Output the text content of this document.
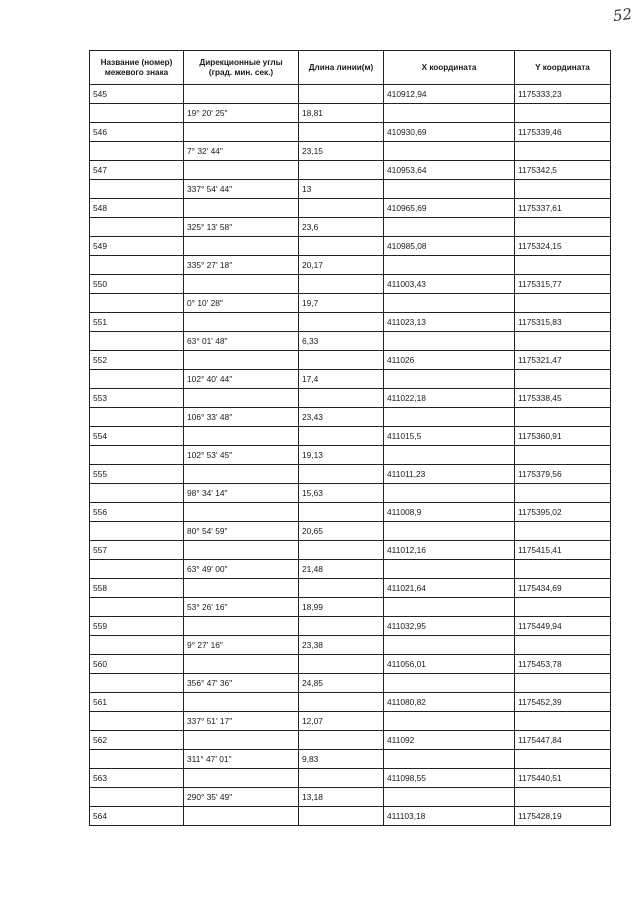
52
Название (номер) межевого знака	Дирекционные углы (град. мин. сек.)	Длина линии(м)	Х координата	Y координата
545			410912,94	1175333,23
	19° 20' 25"	18,81		
546			410930,69	1175339,46
	7° 32' 44"	23,15		
547			410953,64	1175342,5
	337° 54' 44"	13		
548			410965,69	1175337,61
	325° 13' 58"	23,6		
549			410985,08	1175324,15
	335° 27' 18"	20,17		
550			411003,43	1175315,77
	0° 10' 28"	19,7		
551			411023,13	1175315,83
	63° 01' 48"	6,33		
552			411026	1175321,47
	102° 40' 44"	17,4		
553			411022,18	1175338,45
	106° 33' 48"	23,43		
554			411015,5	1175360,91
	102° 53' 45"	19,13		
555			411011,23	1175379,56
	98° 34' 14"	15,63		
556			411008,9	1175395,02
	80° 54' 59"	20,65		
557			411012,16	1175415,41
	63° 49' 00"	21,48		
558			411021,64	1175434,69
	53° 26' 16"	18,99		
559			411032,95	1175449,94
	9° 27' 16"	23,38		
560			411056,01	1175453,78
	356° 47' 36"	24,85		
561			411080,82	1175452,39
	337° 51' 17"	12,07		
562			411092	1175447,84
	311° 47' 01"	9,83		
563			411098,55	1175440,51
	290° 35' 49"	13,18		
564			411103,18	1175428,19
